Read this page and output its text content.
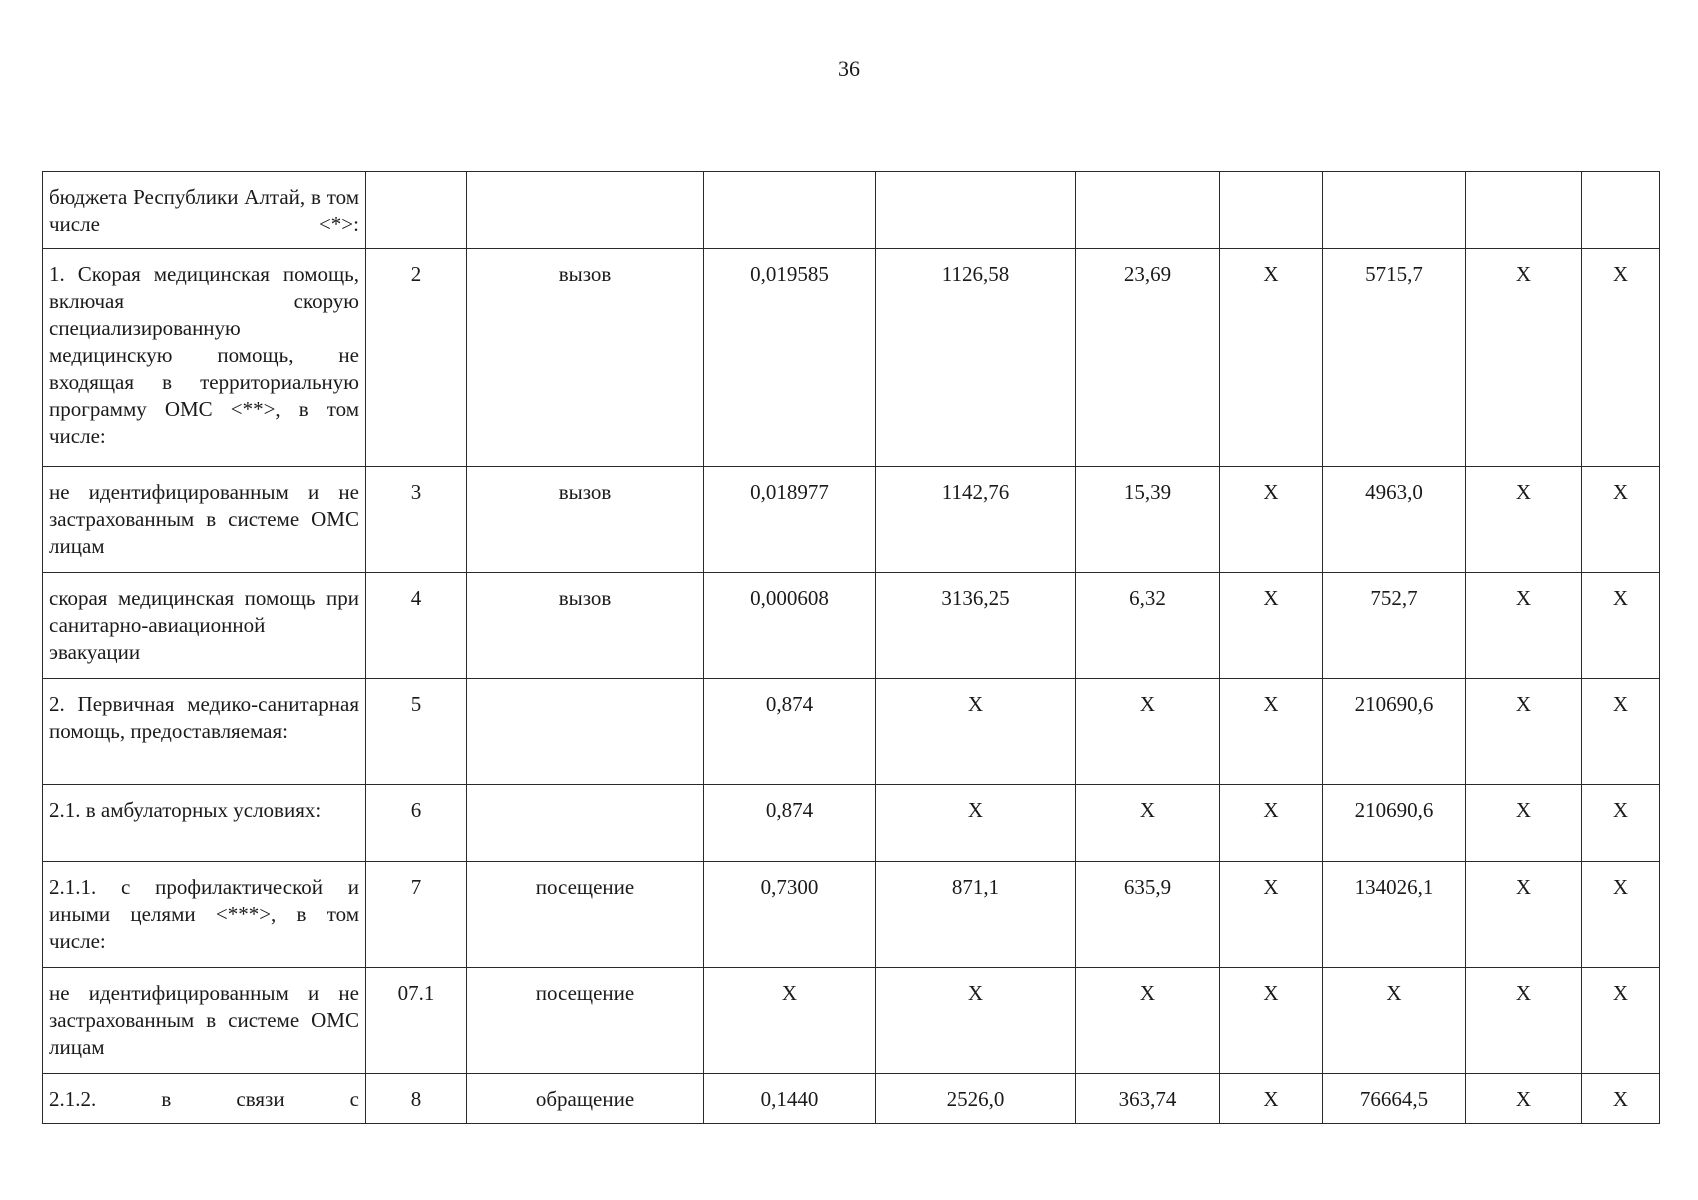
36
бюджета Республики Алтай, в том числе <*>:									
1. Скорая медицинская помощь, включая скорую специализированную медицинскую помощь, не входящая в территориальную программу ОМС <**>, в том числе:	2	вызов	0,019585	1126,58	23,69	X	5715,7	X	X
не идентифицированным и не застрахованным в системе ОМС лицам	3	вызов	0,018977	1142,76	15,39	X	4963,0	X	X
скорая медицинская помощь при санитарно-авиационной эвакуации	4	вызов	0,000608	3136,25	6,32	X	752,7	X	X
2. Первичная медико-санитарная помощь, предоставляемая:	5		0,874	X	X	X	210690,6	X	X
2.1. в амбулаторных условиях:	6		0,874	X	X	X	210690,6	X	X
2.1.1. с профилактической и иными целями <***>, в том числе:	7	посещение	0,7300	871,1	635,9	X	134026,1	X	X
не идентифицированным и не застрахованным в системе ОМС лицам	07.1	посещение	X	X	X	X	X	X	X
2.1.2. в связи с	8	обращение	0,1440	2526,0	363,74	X	76664,5	X	X
